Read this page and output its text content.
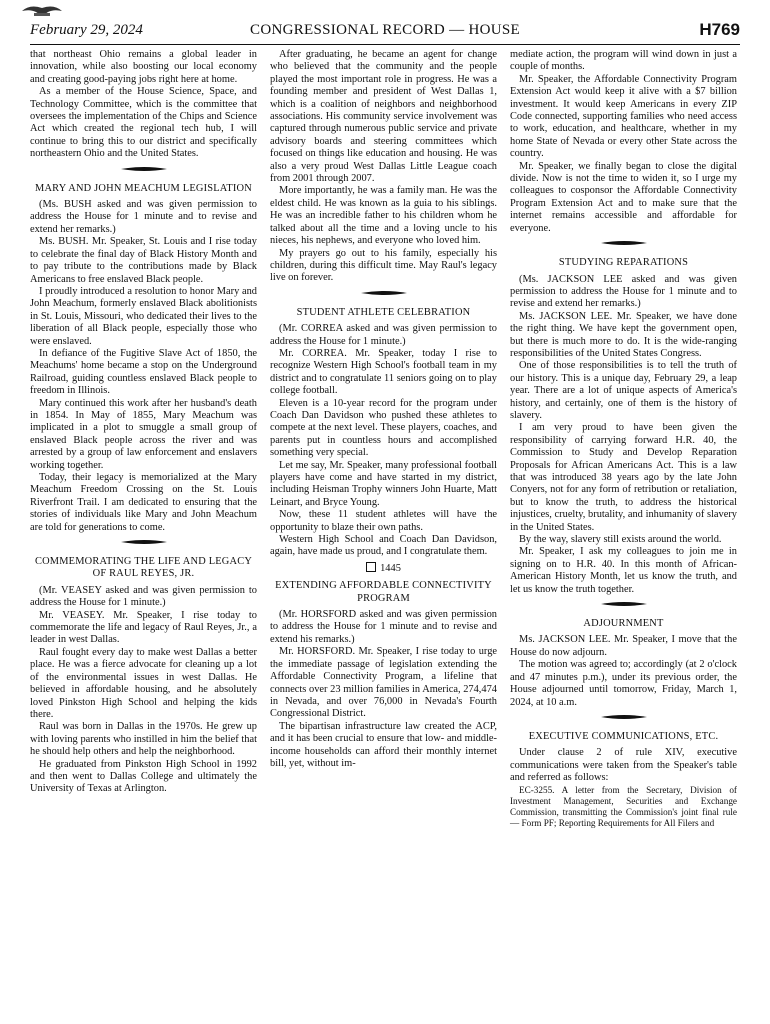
February 29, 2024	CONGRESSIONAL RECORD — HOUSE	H769

that northeast Ohio remains a global leader in innovation, while also boosting our local economy and creating good-paying jobs right here at home.

As a member of the House Science, Space, and Technology Committee, which is the committee that oversees the implementation of the Chips and Science Act which created the regional tech hub, I will continue to bring this to our district and specifically northeastern Ohio and the United States.

MARY AND JOHN MEACHUM LEGISLATION

(Ms. BUSH asked and was given permission to address the House for 1 minute and to revise and extend her remarks.)

Ms. BUSH. Mr. Speaker, St. Louis and I rise today to celebrate the final day of Black History Month and to pay tribute to the contributions made by Black Americans to free enslaved Black people.

I proudly introduced a resolution to honor Mary and John Meachum, formerly enslaved Black abolitionists in St. Louis, Missouri, who dedicated their lives to the liberation of all Black people, especially those who were enslaved.

In defiance of the Fugitive Slave Act of 1850, the Meachums' home became a stop on the Underground Railroad, guiding countless enslaved Black people to freedom in Illinois.

Mary continued this work after her husband's death in 1854. In May of 1855, Mary Meachum was implicated in a plot to smuggle a small group of enslaved Black people across the river and was arrested by a group of law enforcement and enslavers working together.

Today, their legacy is memorialized at the Mary Meachum Freedom Crossing on the St. Louis Riverfront Trail. I am dedicated to ensuring that the stories of individuals like Mary and John Meachum are told for generations to come.

COMMEMORATING THE LIFE AND LEGACY OF RAUL REYES, JR.

(Mr. VEASEY asked and was given permission to address the House for 1 minute.)

Mr. VEASEY. Mr. Speaker, I rise today to commemorate the life and legacy of Raul Reyes, Jr., a leader in west Dallas.

Raul fought every day to make west Dallas a better place. He was a fierce advocate for cleaning up a lot of the environmental issues in west Dallas. He believed in affordable housing, and he absolutely loved Pinkston High School and helping the kids there.

Raul was born in Dallas in the 1970s. He grew up with loving parents who instilled in him the belief that he should help others and help the neighborhood.

He graduated from Pinkston High School in 1992 and then went to Dallas College and ultimately the University of Texas at Arlington.

After graduating, he became an agent for change who believed that the community and the people played the most important role in progress. He was a founding member and president of West Dallas 1, which is a coalition of neighbors and neighborhood associations. His community service involvement was captured through numerous public service and private advisory boards and steering committees which focused on things like education and housing. He was also a very proud West Dallas Little League coach from 2001 through 2007.

More importantly, he was a family man. He was the eldest child. He was known as la guia to his siblings. He was an incredible father to his children whom he talked about all the time and a loving uncle to his nieces, his nephews, and everyone who loved him.

My prayers go out to his family, especially his children, during this difficult time. May Raul's legacy live on forever.

STUDENT ATHLETE CELEBRATION

(Mr. CORREA asked and was given permission to address the House for 1 minute.)

Mr. CORREA. Mr. Speaker, today I rise to recognize Western High School's football team in my district and to congratulate 11 seniors going on to play college football.

Eleven is a 10-year record for the program under Coach Dan Davidson who pushed these athletes to compete at the next level. These players, coaches, and parents put in countless hours and accomplished something very special.

Let me say, Mr. Speaker, many professional football players have come and have started in my district, including Heisman Trophy winners John Huarte, Matt Leinart, and Bryce Young.

Now, these 11 student athletes will have the opportunity to blaze their own paths.

Western High School and Coach Dan Davidson, again, have made us proud, and I congratulate them.

1445
EXTENDING AFFORDABLE CONNECTIVITY PROGRAM

(Mr. HORSFORD asked and was given permission to address the House for 1 minute and to revise and extend his remarks.)

Mr. HORSFORD. Mr. Speaker, I rise today to urge the immediate passage of legislation extending the Affordable Connectivity Program, a lifeline that connects over 23 million families in America, 274,474 in Nevada, and over 76,000 in Nevada's Fourth Congressional District.

The bipartisan infrastructure law created the ACP, and it has been crucial to ensure that low- and middle-income households can afford their monthly internet bill, yet, without im-

mediate action, the program will wind down in just a couple of months.

Mr. Speaker, the Affordable Connectivity Program Extension Act would keep it alive with a $7 billion investment. It would keep Americans in every ZIP Code connected, supporting families who need access to work, education, and healthcare, whether in my home State of Nevada or every other State across the country.

Mr. Speaker, we finally began to close the digital divide. Now is not the time to widen it, so I urge my colleagues to cosponsor the Affordable Connectivity Program Extension Act and to make sure that the internet remains accessible and affordable for everyone.

STUDYING REPARATIONS

(Ms. JACKSON LEE asked and was given permission to address the House for 1 minute and to revise and extend her remarks.)

Ms. JACKSON LEE. Mr. Speaker, we have done the right thing. We have kept the government open, but there is much more to do. It is the wide-ranging responsibilities of the United States Congress.

One of those responsibilities is to tell the truth of our history. This is a unique day, February 29, a leap year. There are a lot of unique aspects of America's history, and certainly, one of them is the history of slavery.

I am very proud to have been given the responsibility of carrying forward H.R. 40, the Commission to Study and Develop Reparation Proposals for African Americans Act. This is a law that was introduced 38 years ago by the late John Conyers, not for any form of retribution or retaliation, but to know the truth, to address the historical injustices, cruelty, brutality, and inhumanity of slavery in the United States.

By the way, slavery still exists around the world.

Mr. Speaker, I ask my colleagues to join me in signing on to H.R. 40. In this month of African-American History Month, let us know the truth, and let us know the truth together.

ADJOURNMENT

Ms. JACKSON LEE. Mr. Speaker, I move that the House do now adjourn.

The motion was agreed to; accordingly (at 2 o'clock and 47 minutes p.m.), under its previous order, the House adjourned until tomorrow, Friday, March 1, 2024, at 10 a.m.

EXECUTIVE COMMUNICATIONS, ETC.

Under clause 2 of rule XIV, executive communications were taken from the Speaker's table and referred as follows:

EC-3255. A letter from the Secretary, Division of Investment Management, Securities and Exchange Commission, transmitting the Commission's joint final rule — Form PF; Reporting Requirements for All Filers and
